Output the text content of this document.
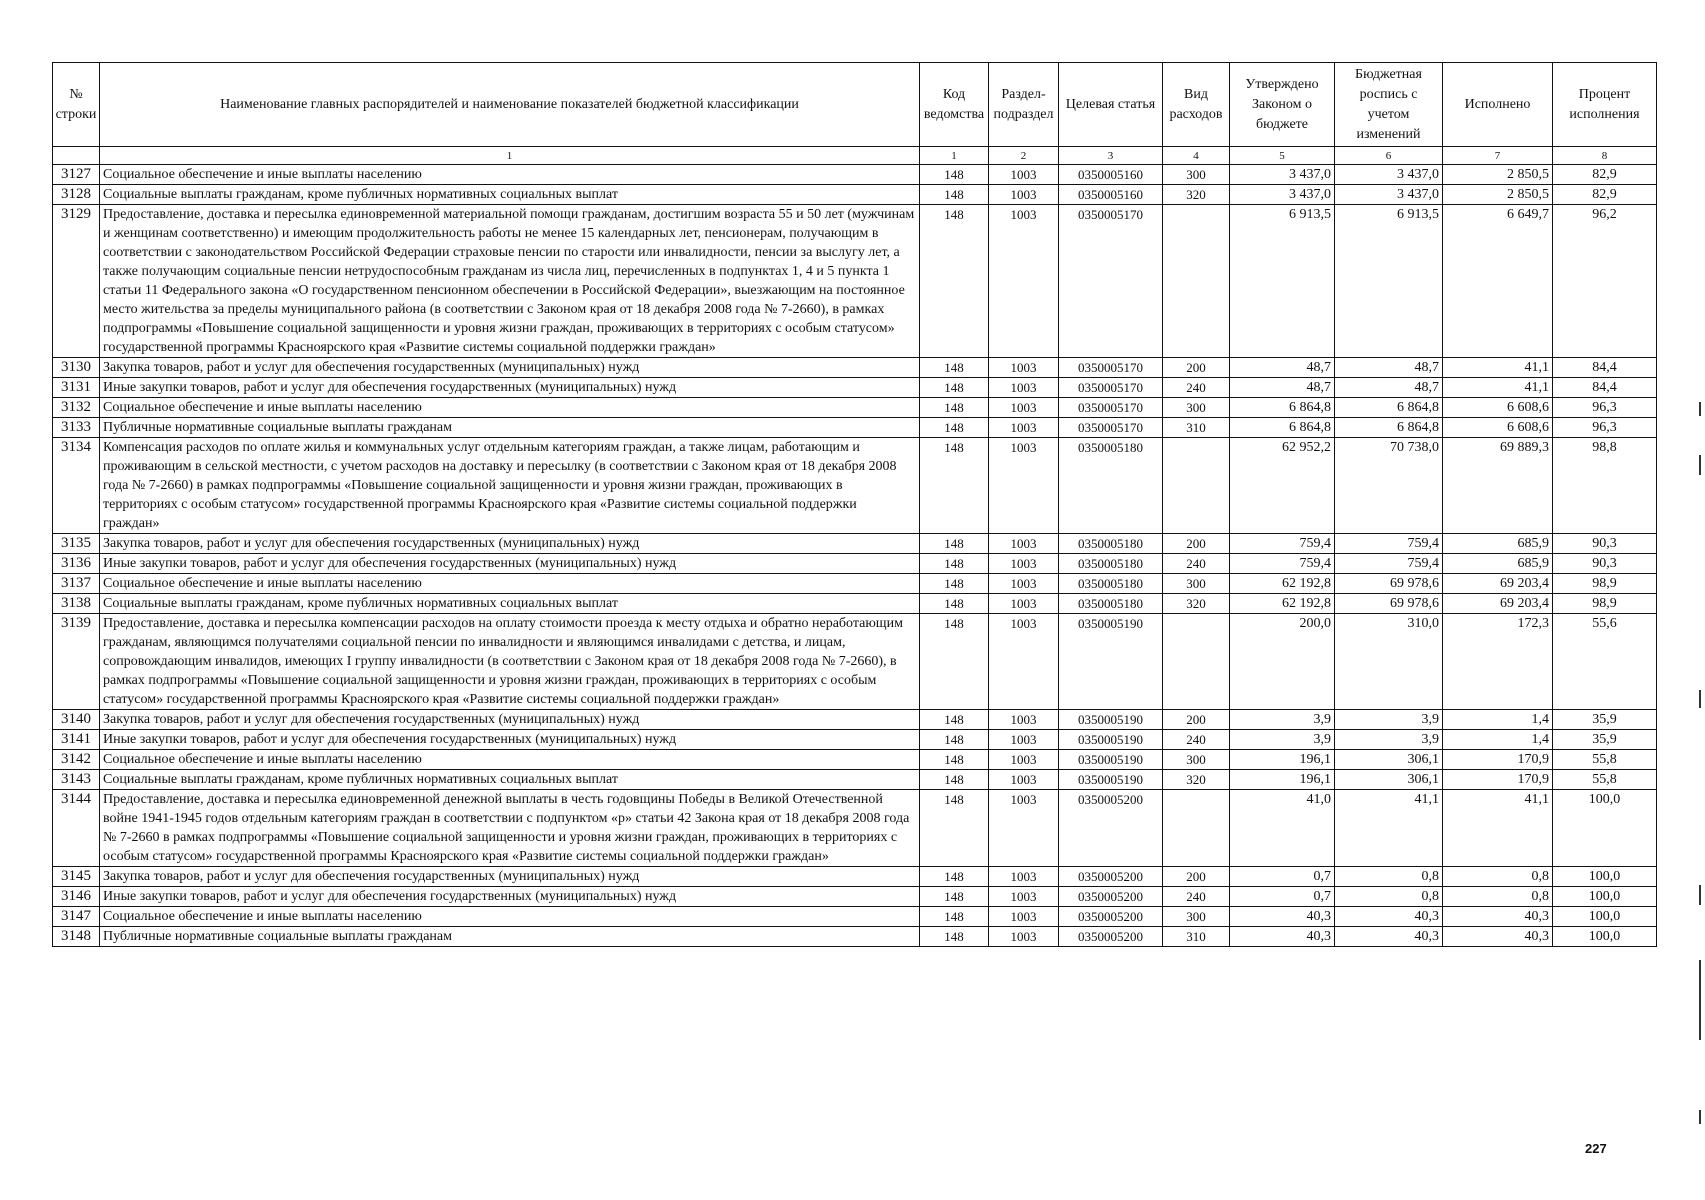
№ строки	Наименование главных распорядителей и наименование показателей бюджетной классификации	Код ведомства	Раздел-подраздел	Целевая статья	Вид расходов	Утверждено Законом о бюджете	Бюджетная роспись с учетом изменений	Исполнено	Процент исполнения
	1	1	2	3	4	5	6	7	8
3127	Социальное обеспечение и иные выплаты населению	148	1003	0350005160	300	3 437,0	3 437,0	2 850,5	82,9
3128	Социальные выплаты гражданам, кроме публичных нормативных социальных выплат	148	1003	0350005160	320	3 437,0	3 437,0	2 850,5	82,9
3129	Предоставление, доставка и пересылка единовременной материальной помощи гражданам, достигшим возраста 55 и 50 лет (мужчинам и женщинам соответственно) и имеющим продолжительность работы не менее 15 календарных лет, пенсионерам, получающим в соответствии с законодательством Российской Федерации страховые пенсии по старости или инвалидности, пенсии за выслугу лет, а также получающим социальные пенсии нетрудоспособным гражданам из числа лиц, перечисленных в подпунктах 1, 4 и 5 пункта 1 статьи 11 Федерального закона «О государственном пенсионном обеспечении в Российской Федерации», выезжающим на постоянное место жительства за пределы муниципального района (в соответствии с Законом края от 18 декабря 2008 года № 7-2660), в рамках подпрограммы «Повышение социальной защищенности и уровня жизни граждан, проживающих в территориях с особым статусом» государственной программы Красноярского края «Развитие системы социальной поддержки граждан»	148	1003	0350005170		6 913,5	6 913,5	6 649,7	96,2
3130	Закупка товаров, работ и услуг для обеспечения государственных (муниципальных) нужд	148	1003	0350005170	200	48,7	48,7	41,1	84,4
3131	Иные закупки товаров, работ и услуг для обеспечения государственных (муниципальных) нужд	148	1003	0350005170	240	48,7	48,7	41,1	84,4
3132	Социальное обеспечение и иные выплаты населению	148	1003	0350005170	300	6 864,8	6 864,8	6 608,6	96,3
3133	Публичные нормативные социальные выплаты гражданам	148	1003	0350005170	310	6 864,8	6 864,8	6 608,6	96,3
3134	Компенсация расходов по оплате жилья и коммунальных услуг отдельным категориям граждан, а также лицам, работающим и проживающим в сельской местности, с учетом расходов на доставку и пересылку (в соответствии с Законом края от 18 декабря 2008 года № 7-2660) в рамках подпрограммы «Повышение социальной защищенности и уровня жизни граждан, проживающих в территориях с особым статусом» государственной программы Красноярского края «Развитие системы социальной поддержки граждан»	148	1003	0350005180		62 952,2	70 738,0	69 889,3	98,8
3135	Закупка товаров, работ и услуг для обеспечения государственных (муниципальных) нужд	148	1003	0350005180	200	759,4	759,4	685,9	90,3
3136	Иные закупки товаров, работ и услуг для обеспечения государственных (муниципальных) нужд	148	1003	0350005180	240	759,4	759,4	685,9	90,3
3137	Социальное обеспечение и иные выплаты населению	148	1003	0350005180	300	62 192,8	69 978,6	69 203,4	98,9
3138	Социальные выплаты гражданам, кроме публичных нормативных социальных выплат	148	1003	0350005180	320	62 192,8	69 978,6	69 203,4	98,9
3139	Предоставление, доставка и пересылка компенсации расходов на оплату стоимости проезда к месту отдыха и обратно неработающим гражданам, являющимся получателями социальной пенсии по инвалидности и являющимся инвалидами с детства, и лицам, сопровождающим инвалидов, имеющих I группу инвалидности (в соответствии с Законом края от 18 декабря 2008 года № 7-2660), в рамках подпрограммы «Повышение социальной защищенности и уровня жизни граждан, проживающих в территориях с особым статусом» государственной программы Красноярского края «Развитие системы социальной поддержки граждан»	148	1003	0350005190		200,0	310,0	172,3	55,6
3140	Закупка товаров, работ и услуг для обеспечения государственных (муниципальных) нужд	148	1003	0350005190	200	3,9	3,9	1,4	35,9
3141	Иные закупки товаров, работ и услуг для обеспечения государственных (муниципальных) нужд	148	1003	0350005190	240	3,9	3,9	1,4	35,9
3142	Социальное обеспечение и иные выплаты населению	148	1003	0350005190	300	196,1	306,1	170,9	55,8
3143	Социальные выплаты гражданам, кроме публичных нормативных социальных выплат	148	1003	0350005190	320	196,1	306,1	170,9	55,8
3144	Предоставление, доставка и пересылка единовременной денежной выплаты в честь годовщины Победы в Великой Отечественной войне 1941-1945 годов отдельным категориям граждан в соответствии с подпунктом «р» статьи 42 Закона края от 18 декабря 2008 года № 7-2660 в рамках подпрограммы «Повышение социальной защищенности и уровня жизни граждан, проживающих в территориях с особым статусом» государственной программы Красноярского края «Развитие системы социальной поддержки граждан»	148	1003	0350005200		41,0	41,1	41,1	100,0
3145	Закупка товаров, работ и услуг для обеспечения государственных (муниципальных) нужд	148	1003	0350005200	200	0,7	0,8	0,8	100,0
3146	Иные закупки товаров, работ и услуг для обеспечения государственных (муниципальных) нужд	148	1003	0350005200	240	0,7	0,8	0,8	100,0
3147	Социальное обеспечение и иные выплаты населению	148	1003	0350005200	300	40,3	40,3	40,3	100,0
3148	Публичные нормативные социальные выплаты гражданам	148	1003	0350005200	310	40,3	40,3	40,3	100,0
227
